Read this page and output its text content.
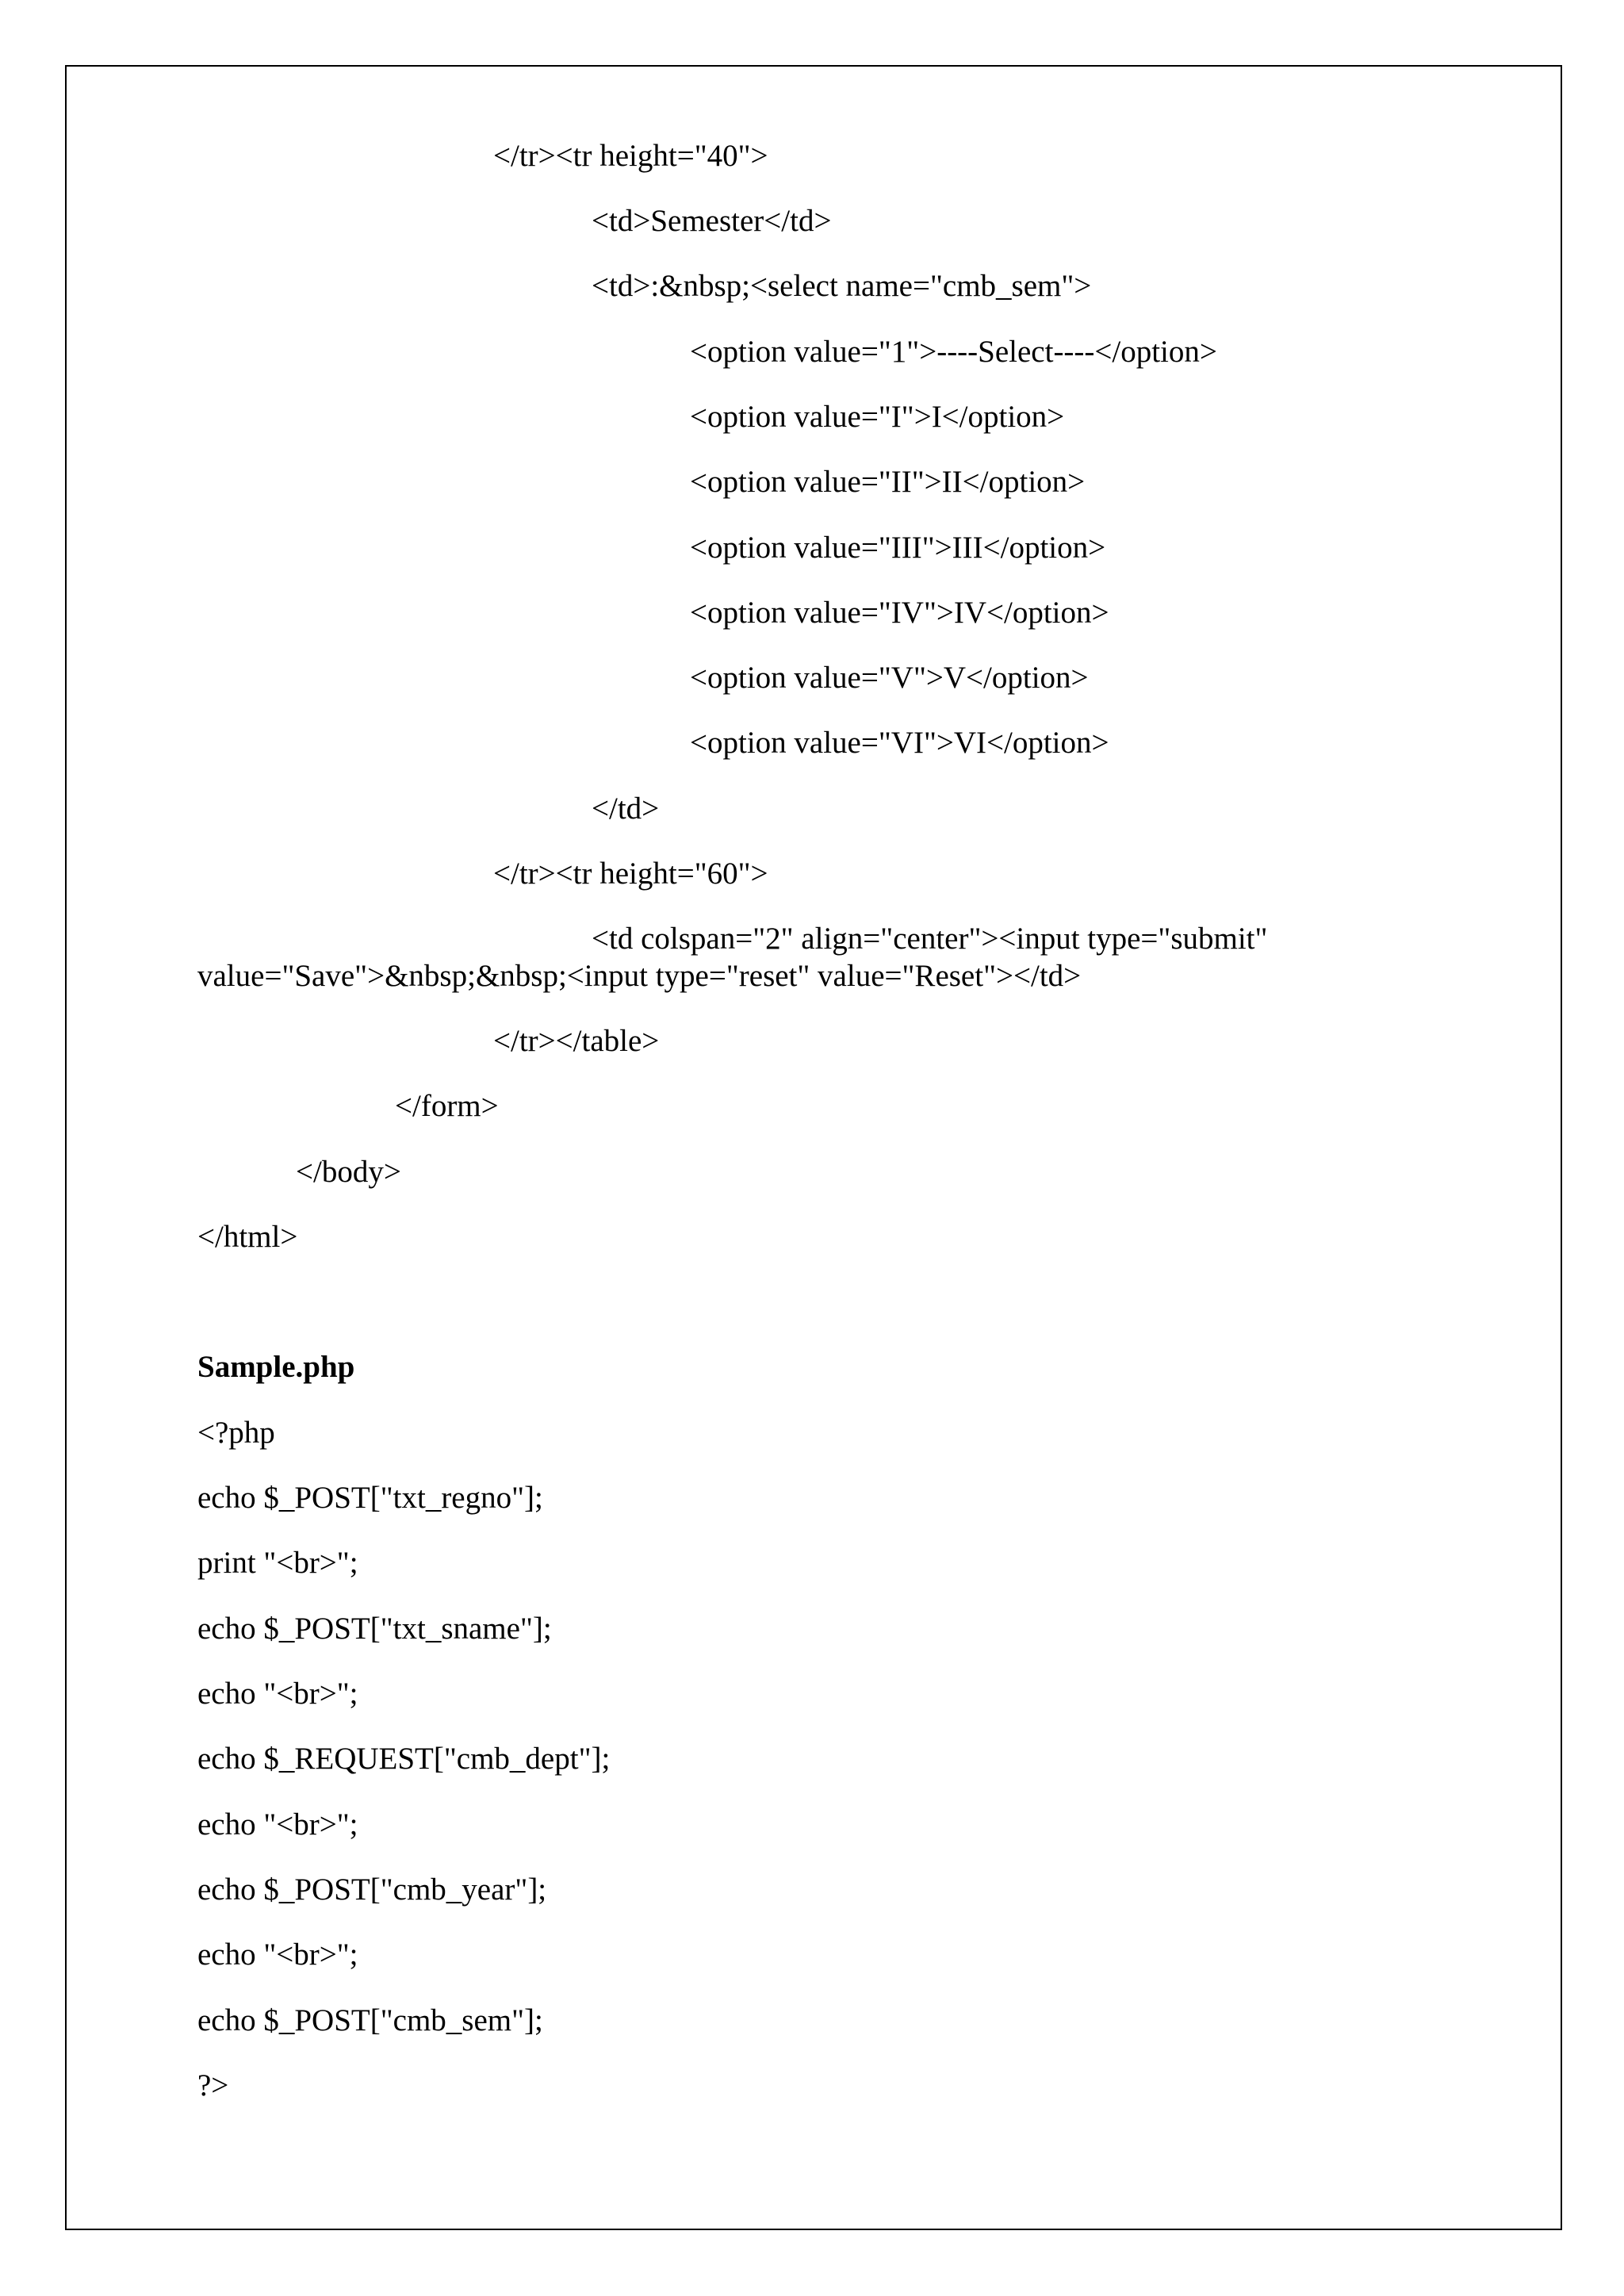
</tr><tr height="40">
<td>Semester</td>
<td>:&nbsp;<select name="cmb_sem">
<option value="1">----Select----</option>
<option value="I">I</option>
<option value="II">II</option>
<option value="III">III</option>
<option value="IV">IV</option>
<option value="V">V</option>
<option value="VI">VI</option>
</td>
</tr><tr height="60">
<td colspan="2" align="center"><input type="submit"
value="Save">&nbsp;&nbsp;<input type="reset" value="Reset"></td>
</tr></table>
</form>
</body>
</html>
Sample.php
<?php
echo $_POST["txt_regno"];
print "<br>";
echo $_POST["txt_sname"];
echo "<br>";
echo $_REQUEST["cmb_dept"];
echo "<br>";
echo $_POST["cmb_year"];
echo "<br>";
echo $_POST["cmb_sem"];
?>
